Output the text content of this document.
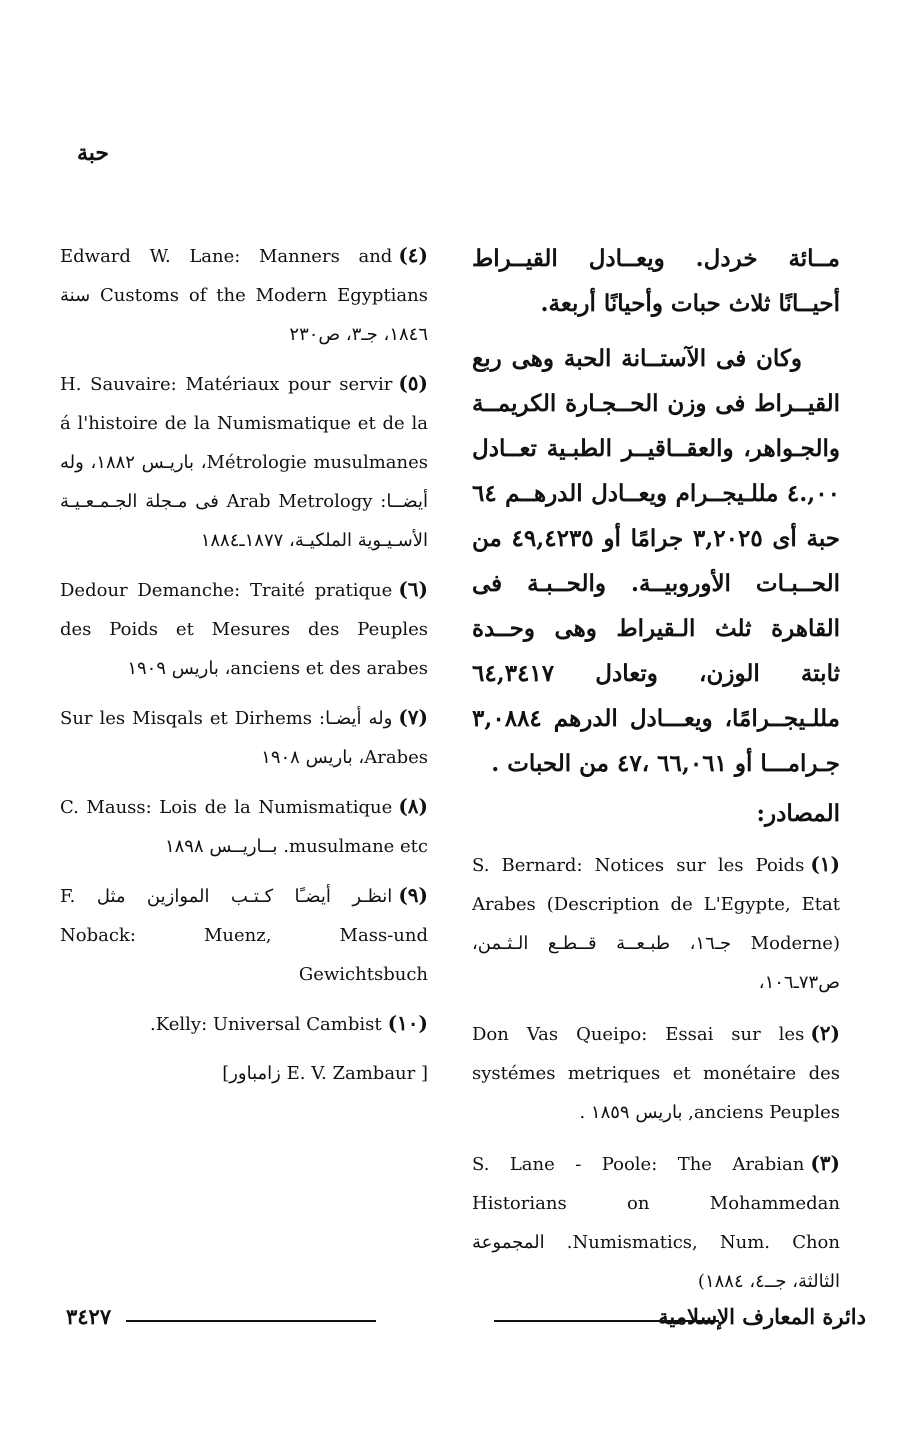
حبة

مــائة خردل. ويعــادل القيــراط أحيــانًا ثلاث حبات وأحيانًا أربعة.

وكان فى الآستــانة الحبة وهى ربع القيــراط فى وزن الحــجـارة الكريمــة والجـواهر، والعقــاقيــر الطبـية تعــادل ٠٠,.٤ مللـيجــرام ويعــادل الدرهــم ٦٤ حبة أى ٣,٢٠٢٥ جرامًا أو ٤٩,٤٢٣٥ من الحــبـات الأوروبيــة. والحــبـة فى القاهرة ثلث الـقيراط وهى وحــدة ثابتة الوزن، وتعادل ٦٤,٣٤١٧ مللـيجــرامًا، ويعـــادل الدرهم ٣,٠٨٨٤ جـرامـــا أو ٦٦,٠٦١ ،٤٧ من الحبات .

المصادر:

(١)S. Bernard: Notices sur les Poids Arabes (Description de L'Egypte, Etat Moderne) جـ١٦، طبـعــة قــطـع الـثـمن، ص٧٣ـ١٠٦،

(٢)Don Vas Queipo: Essai sur les systémes metriques et monétaire des anciens Peuples, باريس ١٨٥٩ .

(٣)S. Lane - Poole: The Arabian Historians on Mohammedan Numismatics, Num. Chon. المجموعة الثالثة، جــ٤، ١٨٨٤)

(٤)Edward W. Lane: Manners and Customs of the Modern Egyptians سنة ١٨٤٦، جـ٣، ص٢٣٠

(٥)H. Sauvaire: Matériaux pour servir á l'histoire de la Numismatique et de la Métrologie musulmanes، باريـس ١٨٨٢، وله أيضــا: Arab Metrology فى مـجلة الجـمـعـيـة الأسـيـوية الملكيـة، ١٨٧٧ـ١٨٨٤

(٦)Dedour Demanche: Traité pratique des Poids et Mesures des Peuples anciens et des arabes، باريس ١٩٠٩

(٧)وله أيضـا: Sur les Misqals et Dirhems Arabes، باريس ١٩٠٨

(٨)C. Mauss: Lois de la Numismatique musulmane etc. بــاريــس ١٨٩٨

(٩)انظـر أيضـًا كـتـب الموازين مثل F. Noback: Muenz, Mass-und Gewichtsbuch

(١٠)Kelly: Universal Cambist.

[ E. V. Zambaur زامباور]

دائرة المعارف الإسلامية
٣٤٢٧
